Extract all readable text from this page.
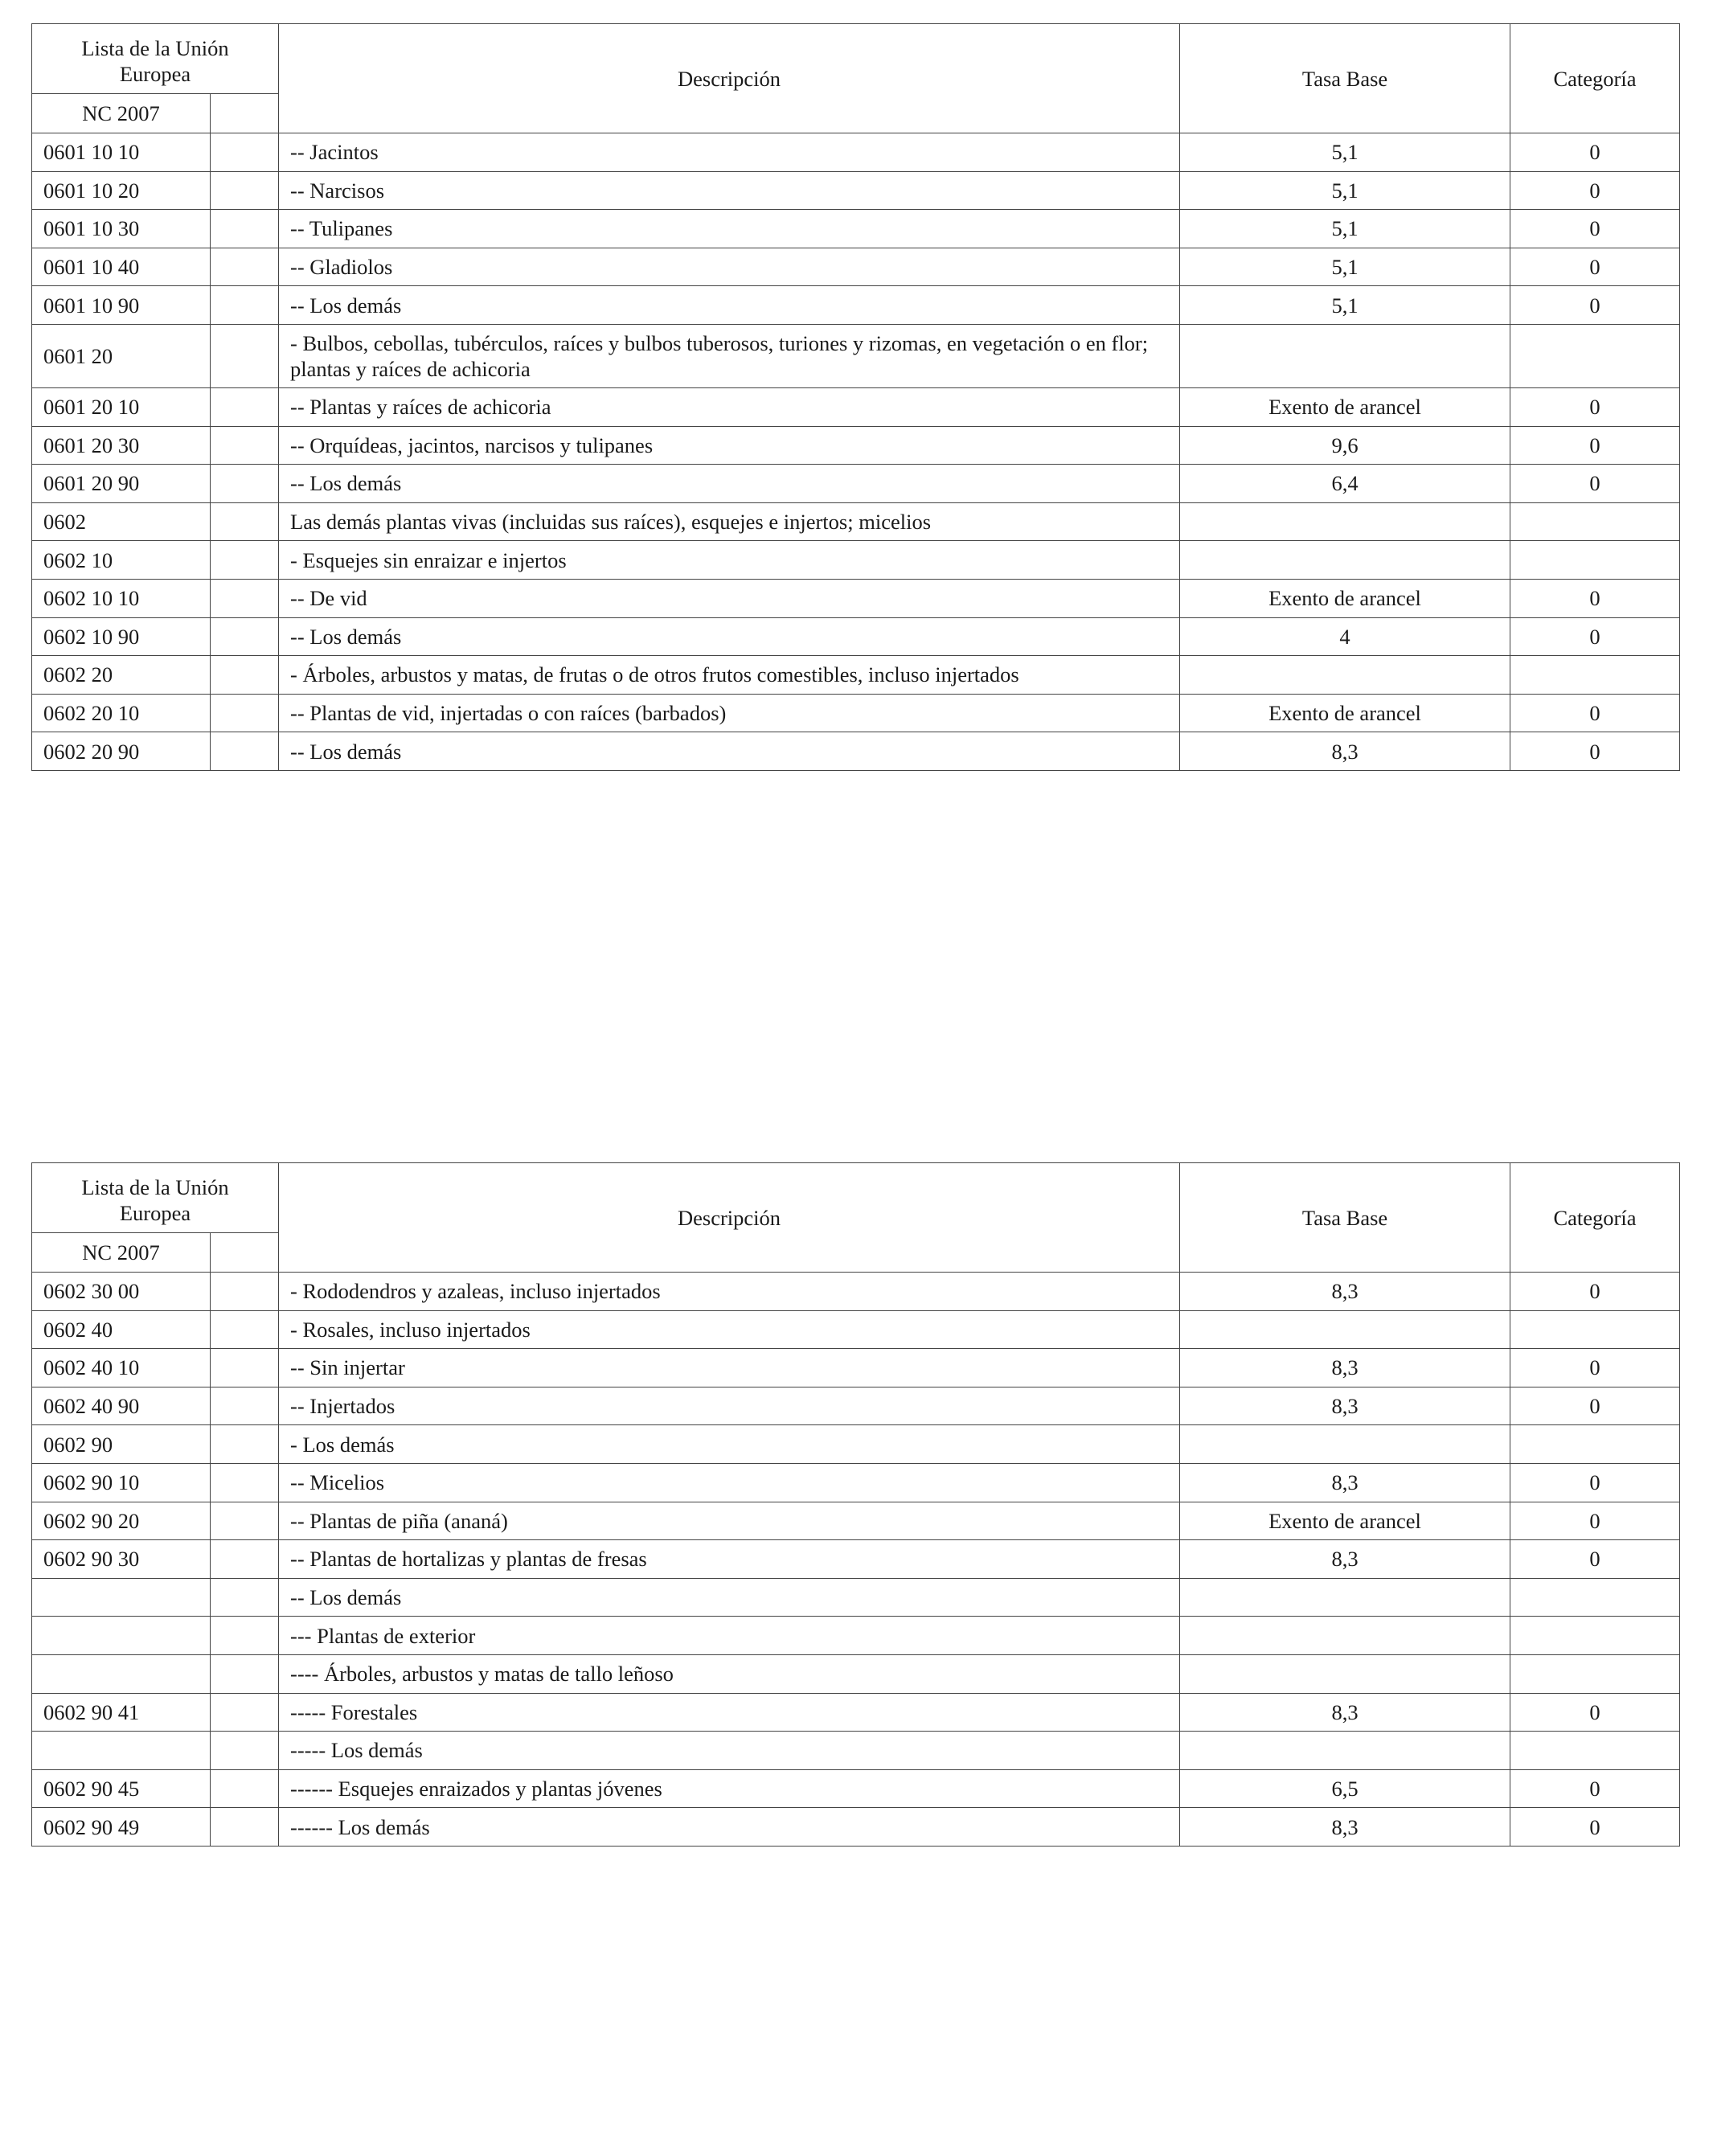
Lista de la Unión Europea		Descripción	Tasa Base	Categoría
NC 2007				
0601 10 10		-- Jacintos	5,1	0
0601 10 20		-- Narcisos	5,1	0
0601 10 30		-- Tulipanes	5,1	0
0601 10 40		-- Gladiolos	5,1	0
0601 10 90		-- Los demás	5,1	0
0601 20		- Bulbos, cebollas, tubérculos, raíces y bulbos tuberosos, turiones y rizomas, en vegetación o en flor; plantas y raíces de achicoria		
0601 20 10		-- Plantas y raíces de achicoria	Exento de arancel	0
0601 20 30		-- Orquídeas, jacintos, narcisos y tulipanes	9,6	0
0601 20 90		-- Los demás	6,4	0
0602		Las demás plantas vivas (incluidas sus raíces), esquejes e injertos; micelios		
0602 10		- Esquejes sin enraizar e injertos		
0602 10 10		-- De vid	Exento de arancel	0
0602 10 90		-- Los demás	4	0
0602 20		- Árboles, arbustos y matas, de frutas o de otros frutos comestibles, incluso injertados		
0602 20 10		-- Plantas de vid, injertadas o con raíces (barbados)	Exento de arancel	0
0602 20 90		-- Los demás	8,3	0
Lista de la Unión Europea		Descripción	Tasa Base	Categoría
NC 2007				
0602 30 00		- Rododendros y azaleas, incluso injertados	8,3	0
0602 40		- Rosales, incluso injertados		
0602 40 10		-- Sin injertar	8,3	0
0602 40 90		-- Injertados	8,3	0
0602 90		- Los demás		
0602 90 10		-- Micelios	8,3	0
0602 90 20		-- Plantas de piña (ananá)	Exento de arancel	0
0602 90 30		-- Plantas de hortalizas y plantas de fresas	8,3	0
		-- Los demás		
		--- Plantas de exterior		
		---- Árboles, arbustos y matas de tallo leñoso		
0602 90 41		----- Forestales	8,3	0
		----- Los demás		
0602 90 45		------ Esquejes enraizados y plantas jóvenes	6,5	0
0602 90 49		------ Los demás	8,3	0
